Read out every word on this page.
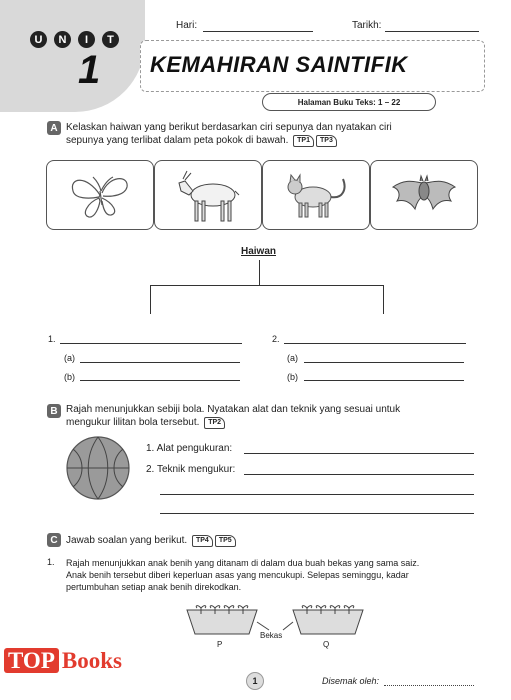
U	N	I	T
1
Hari:	Tarikh:
KEMAHIRAN SAINTIFIK
Halaman Buku Teks: 1 – 22
A Kelaskan haiwan yang berikut berdasarkan ciri sepunya dan nyatakan ciri
sepunya yang terlibat dalam peta pokok di bawah. TP1 TP3
Haiwan
1.
(a)
(b)
2.
(a)
(b)
B Rajah menunjukkan sebiji bola. Nyatakan alat dan teknik yang sesuai untuk
mengukur lilitan bola tersebut. TP2
1. Alat pengukuran:
2. Teknik mengukur:
C Jawab soalan yang berikut. TP4 TP5
1. Rajah menunjukkan anak benih yang ditanam di dalam dua buah bekas yang sama saiz.
Anak benih tersebut diberi keperluan asas yang mencukupi. Selepas seminggu, kadar
pertumbuhan setiap anak benih direkodkan.
P
Bekas
Q
1	Disemak oleh:
TOP Books
